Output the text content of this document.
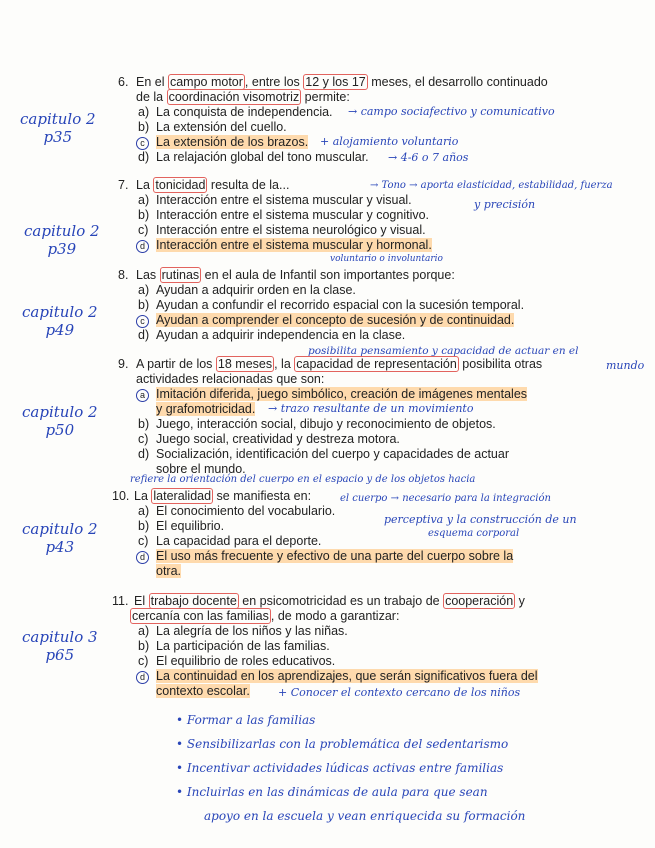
6. En el campo motor , entre los 12 y los 17 meses, el desarrollo continuado
de la coordinación visomotriz permite:
a) La conquista de independencia.
b) La extensión del cuello.
c La extensión de los brazos.
d) La relajación global del tono muscular.
7. La tonicidad resulta de la...
a) Interacción entre el sistema muscular y visual.
b) Interacción entre el sistema muscular y cognitivo.
c) Interacción entre el sistema neurológico y visual.
d Interacción entre el sistema muscular y hormonal.
8. Las rutinas en el aula de Infantil son importantes porque:
a) Ayudan a adquirir orden en la clase.
b) Ayudan a confundir el recorrido espacial con la sucesión temporal.
c Ayudan a comprender el concepto de sucesión y de continuidad.
d) Ayudan a adquirir independencia en la clase.
9. A partir de los 18 meses , la capacidad de representación posibilita otras
actividades relacionadas que son:
a Imitación diferida, juego simbólico, creación de imágenes mentales
y grafomotricidad.
b) Juego, interacción social, dibujo y reconocimiento de objetos.
c) Juego social, creatividad y destreza motora.
d) Socialización, identificación del cuerpo y capacidades de actuar
sobre el mundo.
10. La lateralidad se manifiesta en:
a) El conocimiento del vocabulario.
b) El equilibrio.
c) La capacidad para el deporte.
d El uso más frecuente y efectivo de una parte del cuerpo sobre la
otra.
11. El trabajo docente en psicomotricidad es un trabajo de cooperación y
cercanía con las familias , de modo a garantizar:
a) La alegría de los niños y las niñas.
b) La participación de las familias.
c) El equilibrio de roles educativos.
d La continuidad en los aprendizajes, que serán significativos fuera del
contexto escolar.
capitulo 2
p35
capitulo 2
p39
capitulo 2
p49
capitulo 2
p50
capitulo 2
p43
capitulo 3
p65
→ campo sociafectivo y comunicativo
+ alojamiento voluntario
→ 4-6 o 7 años
→ Tono → aporta elasticidad, estabilidad, fuerza
y precisión
voluntario o involuntario
posibilita pensamiento y capacidad de actuar en el
mundo
→ trazo resultante de un movimiento
refiere la orientación del cuerpo en el espacio y de los objetos hacia
el cuerpo → necesario para la integración
perceptiva y la construcción de un
esquema corporal
+ Conocer el contexto cercano de los niños
• Formar a las familias
• Sensibilizarlas con la problemática del sedentarismo
• Incentivar actividades lúdicas activas entre familias
• Incluirlas en las dinámicas de aula para que sean
apoyo en la escuela y vean enriquecida su formación
